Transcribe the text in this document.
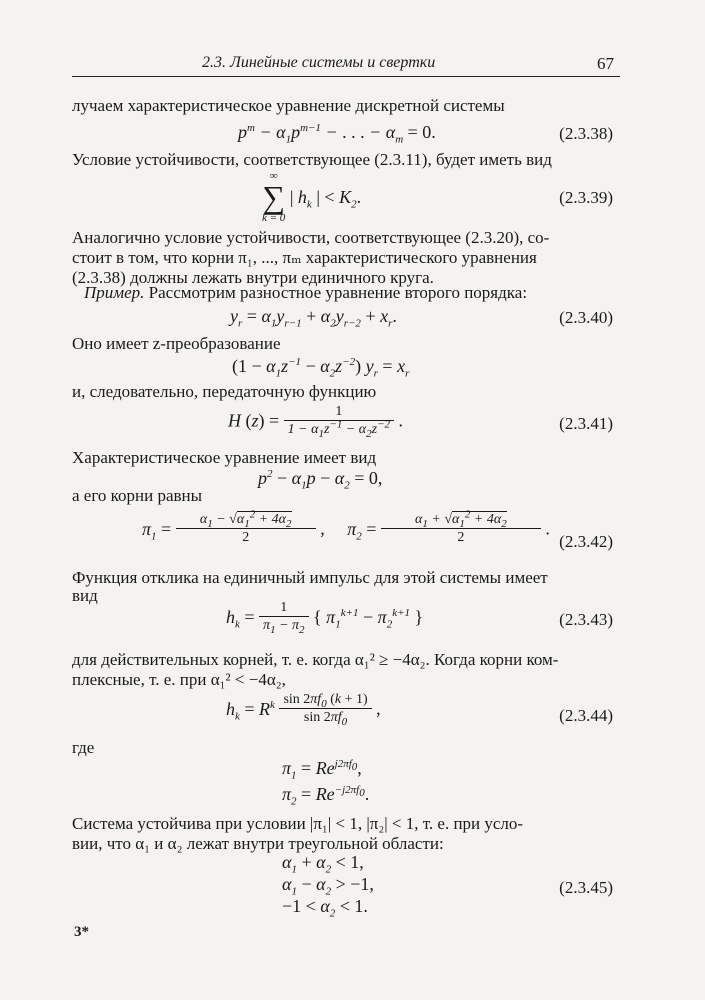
2.3. Линейные системы и свертки	67
лучаем характеристическое уравнение дискретной системы
$p^m - \alpha_1p^{m-1}$ − . . . − $\alpha_m = 0$.	(2.3.38)
Условие устойчивости, соответствующее (2.3.11), будет иметь вид
∞
∑
k = 0
| $h_k$ | < $K_2$.	(2.3.39)
Аналогично условие устойчивости, соответствующее (2.3.20), со-
стоит в том, что корни π₁, ..., πₘ характеристического уравнения
(2.3.38) должны лежать внутри единичного круга.
Пример. Рассмотрим разностное уравнение второго порядка:
$y_r = \alpha_1y_{r-1} + \alpha_2y_{r-2} + x_r$.	(2.3.40)
Оно имеет z-преобразование
$(1 - \alpha_1z^{-1} - \alpha_2z^{-2})$ $y_r = x_r$
и, следовательно, передаточную функцию
H $(z) = \frac{1}{1 - \alpha_1z^{-1} - \alpha_2z^{-2}}$ .	(2.3.41)
Характеристическое уравнение имеет вид
$p^2 - \alpha_1p - \alpha_2 = 0$,
а его корни равны
$\pi_1 = \frac{\alpha_1 - √\alpha_1^2 + 4\alpha_2}{2}$ ,     $\pi_2 = \frac{\alpha_1 + √\alpha_1^2 + 4\alpha_2}{2}$ .
(2.3.42)
Функция отклика на единичный импульс для этой системы имеет
вид
$h_k = \frac{1}{\pi_1 - \pi_2}$ { $\pi_1^{k+1} - \pi_2^{k+1}$ }	(2.3.43)
для действительных корней, т. е. когда α₁² ≥ −4α₂. Когда корни ком-
плексные, т. е. при α₁² < −4α₂,
$h_k = R^k \frac{\sin 2\pi f_0 (k + 1)}{\sin 2\pi f_0}$ ,	(2.3.44)
где
$\pi_1 = Re^{j2\pi f_0}$,
$\pi_2 = Re^{-j2\pi f_0}$.
Система устойчива при условии |π₁| < 1, |π₂| < 1, т. е. при усло-
вии, что α₁ и α₂ лежат внутри треугольной области:
$\alpha_1 + \alpha_2 < 1$,
$\alpha_1 - \alpha_2 > -1$,
$-1 < \alpha_2 < 1$.
(2.3.45)
3*
